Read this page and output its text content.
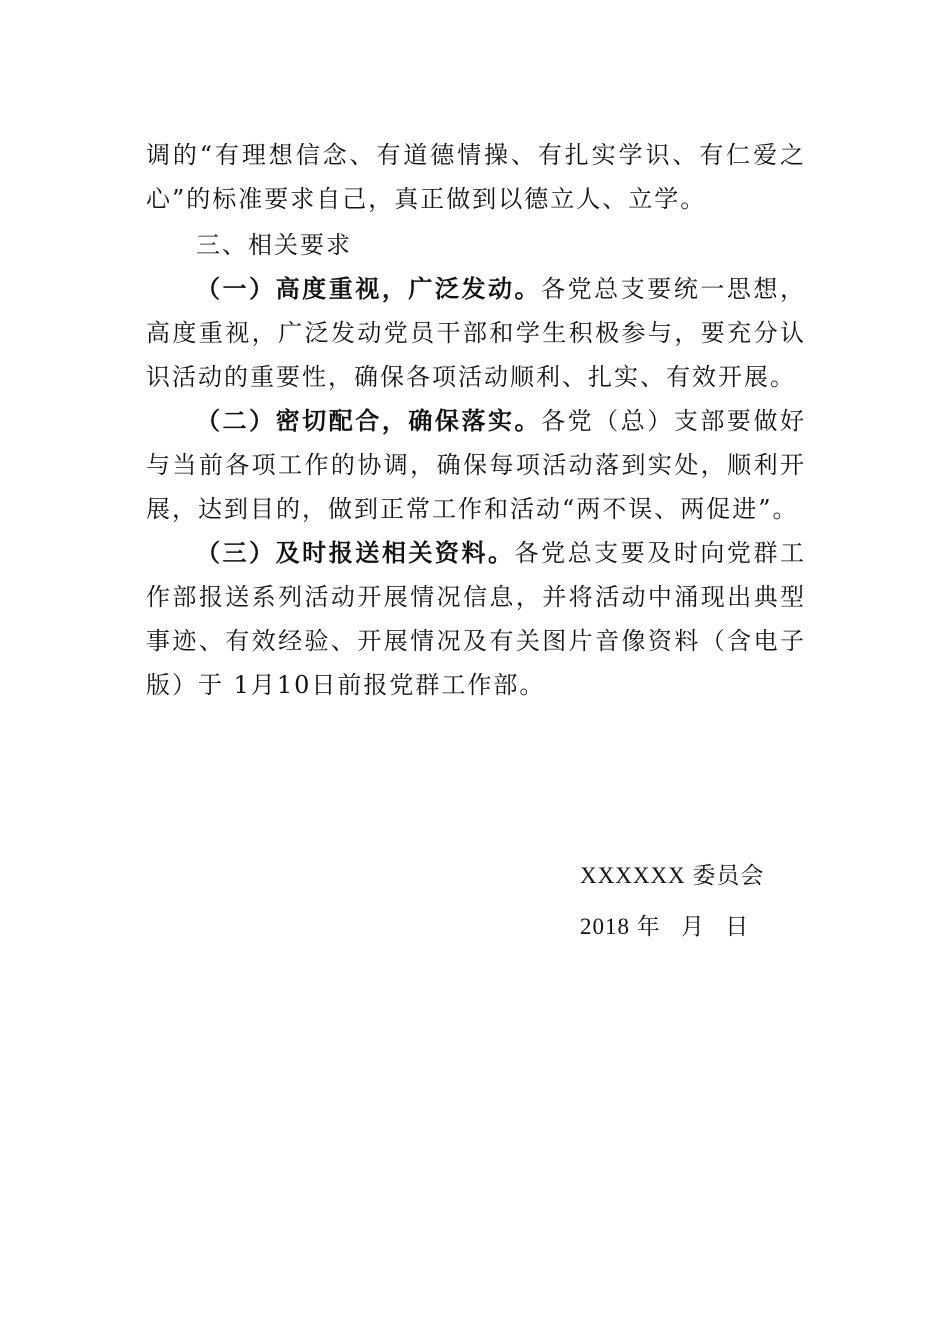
调的“有理想信念、有道德情操、有扎实学识、有仁爱之心”的标准要求自己，真正做到以德立人、立学。

三、相关要求

（一）高度重视，广泛发动。各党总支要统一思想，高度重视，广泛发动党员干部和学生积极参与，要充分认识活动的重要性，确保各项活动顺利、扎实、有效开展。

（二）密切配合，确保落实。各党（总）支部要做好与当前各项工作的协调，确保每项活动落到实处，顺利开展，达到目的，做到正常工作和活动“两不误、两促进”。

（三）及时报送相关资料。各党总支要及时向党群工作部报送系列活动开展情况信息，并将活动中涌现出典型事迹、有效经验、开展情况及有关图片音像资料（含电子版）于 1月10日前报党群工作部。

XXXXXX 委员会
2018 年   月   日
